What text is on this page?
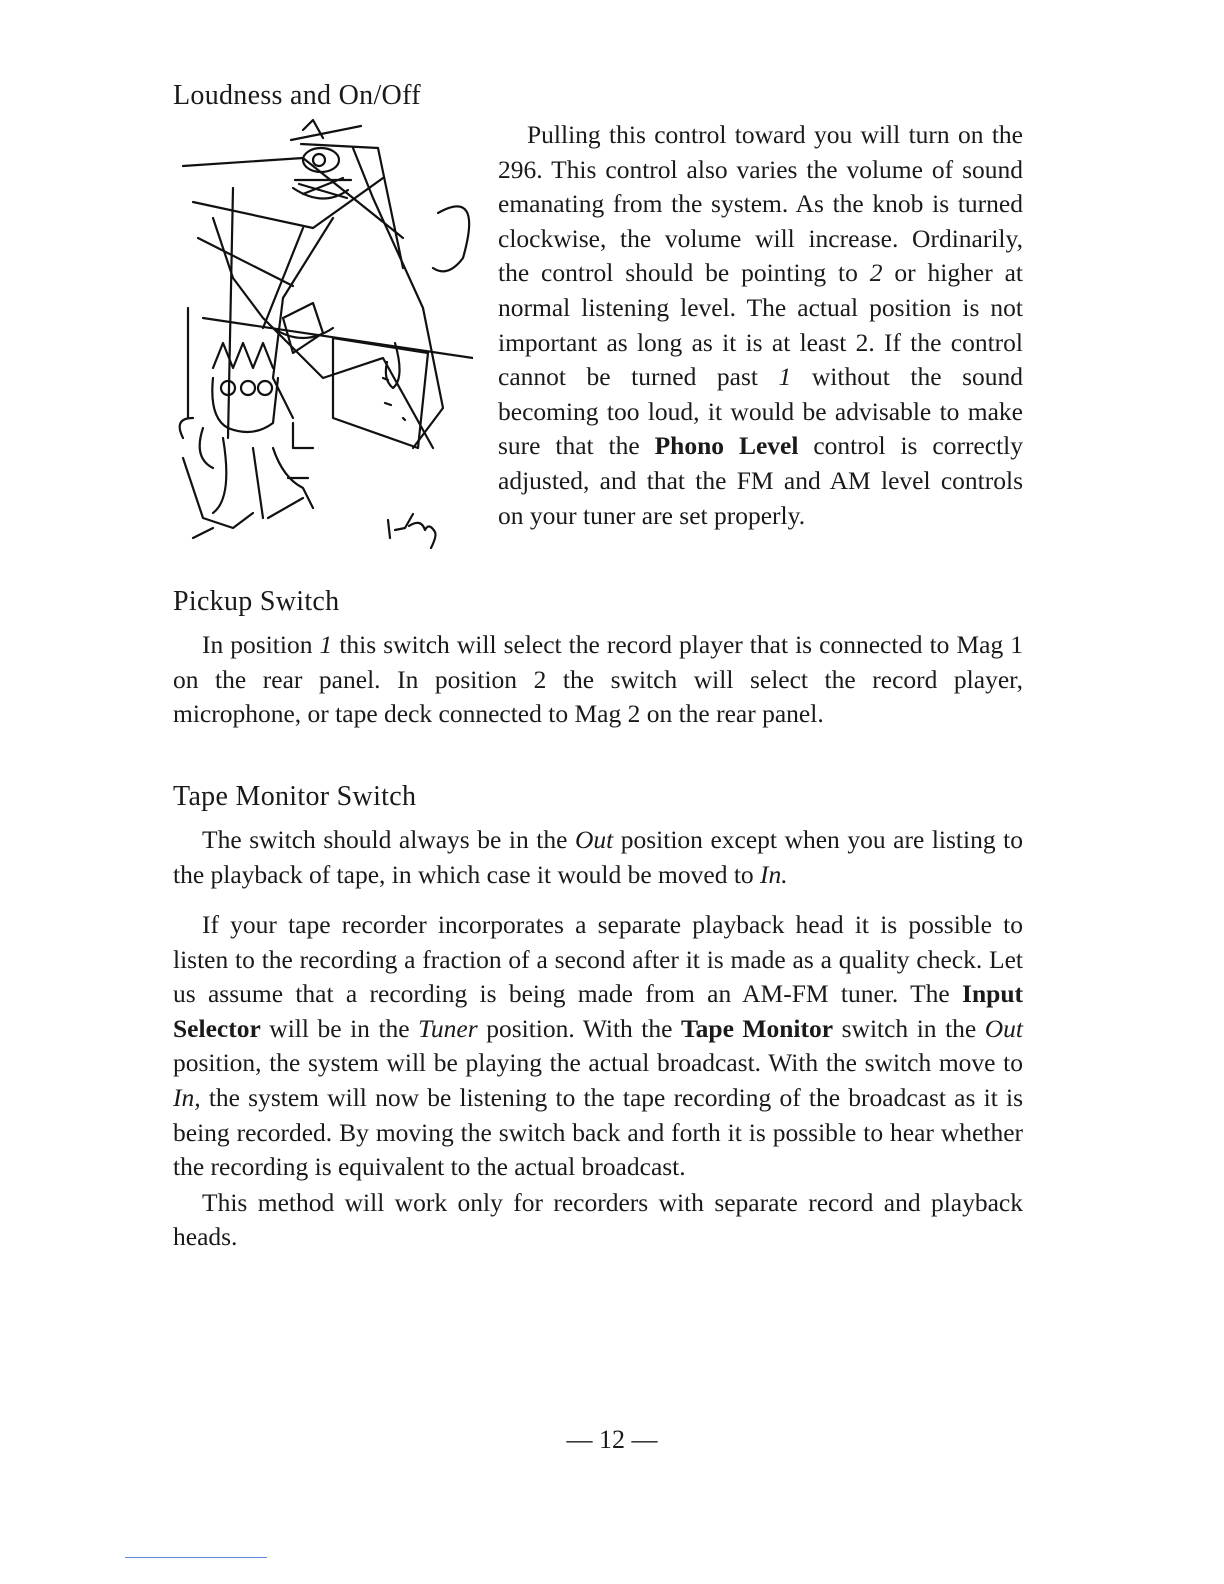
Loudness and On/Off

Pulling this control toward you will turn on the 296. This control also varies the volume of sound emanating from the system. As the knob is turned clockwise, the volume will increase. Ordinarily, the control should be pointing to 2 or higher at normal listening level. The actual position is not important as long as it is at least 2. If the control cannot be turned past 1 without the sound becoming too loud, it would be advisable to make sure that the Phono Level control is correctly adjusted, and that the FM and AM level controls on your tuner are set properly.

Pickup Switch

In position 1 this switch will select the record player that is connected to Mag 1 on the rear panel. In position 2 the switch will select the record player, microphone, or tape deck connected to Mag 2 on the rear panel.

Tape Monitor Switch

The switch should always be in the Out position except when you are listing to the playback of tape, in which case it would be moved to In.

If your tape recorder incorporates a separate playback head it is possible to listen to the recording a fraction of a second after it is made as a quality check. Let us assume that a recording is being made from an AM-FM tuner. The Input Selector will be in the Tuner position. With the Tape Monitor switch in the Out position, the system will be playing the actual broadcast. With the switch move to In, the system will now be listening to the tape recording of the broadcast as it is being recorded. By moving the switch back and forth it is possible to hear whether the recording is equivalent to the actual broadcast.

This method will work only for recorders with separate record and playback heads.

— 12 —
